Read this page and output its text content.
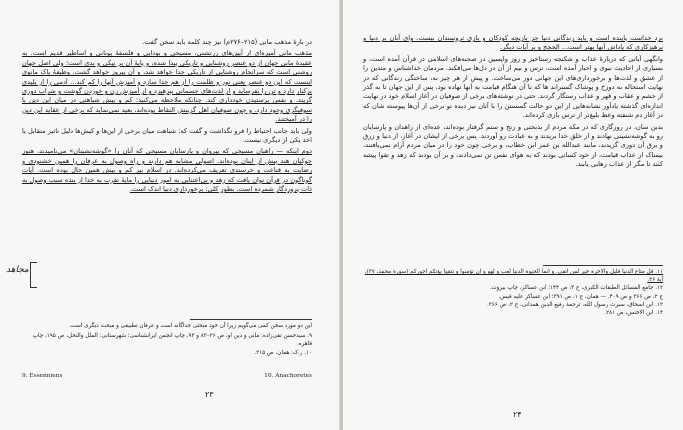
در بارهٔ مذهب مانی (۲۱۵–۲۷۶م) نیز چند کلمه باید سخن گفت.

مذهب مانی آمیزه‌ای از آیین‌های زرتشتی، مسیحی و بودایی و فلسفهٔ یونانی و اساطیر قدیم است. به عقیدهٔ مانی جهان از دو عنصر روشنایی و تاریکی پیدا شده، و پایهٔ آن بر نیکی و بدی است؛ ولی اصل جهان روشنی است که سرانجام روشنایی از تاریکی جدا خواهد شد، و آن پیروز خواهد گشت. وظیفهٔ پاک مانوی اینست که این دو عنصر یعنی نور و ظلمت را از هم جدا سازد و آمیزش آنها را کم کند... آدمی را از پلیدی برکنار دارد و تن را بفرساید و از لذت‌های جسمانی بپرهیزد و از آمیزش زن و خوردن گوشت و شراب دوری گزیند. و نفس پرستیدن خودداری کند. چنانکه ملاحظه می‌کنید: کم و بیش شباهتی در میان این دین با سوفیگری وجود دارد. و چون صوفیان اهل گزینش التقاط بوده‌اند، بعید نمی‌نماید که برخی از عقاید این دین را در آمیختند.

ولی باید جانب احتیاط را فرو نگذاشت و گفت که: شباهت میان برخی از این‌ها و کیش‌ها دلیل تاثیر متقابل یا اخذ یکی از دیگری نیست.

دوم اینکه — راهبان مسیحی که پیروان و پارسایان مسیحی که آنان را «گوشه‌نشینان» می‌نامیدند، هنوز جوکیان هند پیش از اینان بوده‌اند. اصولی مشابه هم دارند و راه وصول به عرفان را همین خشنودی و رضایت به قناعت و خرسندی تعریف می‌کرده‌اند. در اسلام نیز کم و بیش همین حال بوده است. آیات گوناگون در قرآن توان یافت که زهد و بی‌اعتنایی به امور دنیایی را مایهٔ تقرب به خدا از بنده سبب وصول به ذات پروردگار شمرده است. بطور کلی: برخورداری دنیا اندک است.

مجاهد

این دو مورد سخن کمی می‌گویم زیرا آن خود مبحثی جداگانه است و عرفان تطبیقی و مبحث دیگری است.

۹. سیدحسن تقی‌زاده: مانی و دین او، ص ۲۶–۸۳ و ۹۳، چاپ انجمن ایرانشناسی؛ شهرستانی: الملل والنحل، ص ۱۹۵، چاپ قاهره.

۱۰. ر.ک: همان، ص ۲۱۵.

9. Essenniens	10. Anachoretes
۲۳

نزد خداست پاینده است و باید زندگانی دنیا جز بازیچه کودکان و بازی ثروتمندان نیست. وای آنان بر دنیا و پرهیزکاری که پاداش آنها بهتر است... الحجج و بر آیات دیگر.

وانگهی آیاتی که دربارهٔ عذاب و شکنجه رستاخیز و روز واپسین در صحنه‌های اسلامی در قرآن آمده است، و بسیاری از احادیث نبوی و اخبار آمده است، ترس و بیم از آن در دل‌ها می‌افکند. مردمان خداشناس و متدین را از عشق و لذت‌ها و برخورداری‌های این جهانی دور می‌ساخت. و پیش از هر چیز نه، ساختگی زندگانی که در نهایت استحاله به دوزخ و پوشاک گستراند ها که تا آن هنگام قیامت به آنها نهاده بود، پس از این جهان تا به گذر از خشم و عقاب و قهر و عذاب رستگار گردند. حتی در نوشته‌های برخی از صوفیان در آغاز اسلام خود در نهایت اندازه‌ای گذشته یادآور نشانه‌هایی از این دو حالت گسستن را با آنان نیز دیده تو برخی از آن‌ها پیوسته شان که در آغاز دم شنفته وعظ بلیغ‌تر از ترس بازی کرده‌اند.

بدین سان، در روزگاری که در مکه مردم از بدبختی و رنج و ستم گرفتار بوده‌اند، عده‌ای از زاهدان و پارسایان رو به گوشه‌نشینی نهادند و از خلق خدا بریدند و به عبادت رو آوردند. پس برخی از ایشان در آغاز، از دنیا و زرق و برق آن دوری گزیدند، مانند عبدالله بن عمر ابن خطاب، و برخی چون خود را در میان مردم آرام نمی‌یافتند، بیمناک از عذاب قیامت، از خود کسانی بودند که به هوای نفس تن نمی‌دادند، و بر آن بودند که زهد و تقوا پیشه کنند تا مگر از عذاب رهایی یابند.

۱۱. قل متاع الدنیا قلیل والاخرة خیر لمن اتقی. و انما الحیوة الدنیا لعب و لهو و ان تؤمنوا و تتقوا یؤتکم اجورکم (سورهٔ محمد، ۳۷)، آیهٔ ۳۶.

۱۲. جامع المسائل الطبقات الکبری، ج ۴، ص ۱۴۴؛ ابن عساکر، چاپ بیروت.

ج ۲، ص ۳۶۶ و ص ۴۰۹. — همان، ج ۱، ص ۳۹۱؛ ابن عساکر علیه قیس.

۱۳. ابن اسحاق، سیرت رسول الله، ترجمهٔ رفیع الدین همدانی، ج ۲، ص ۳۶۶.

۱۴. ابن الاخنس، ص ۲۸۱.

۲۴
